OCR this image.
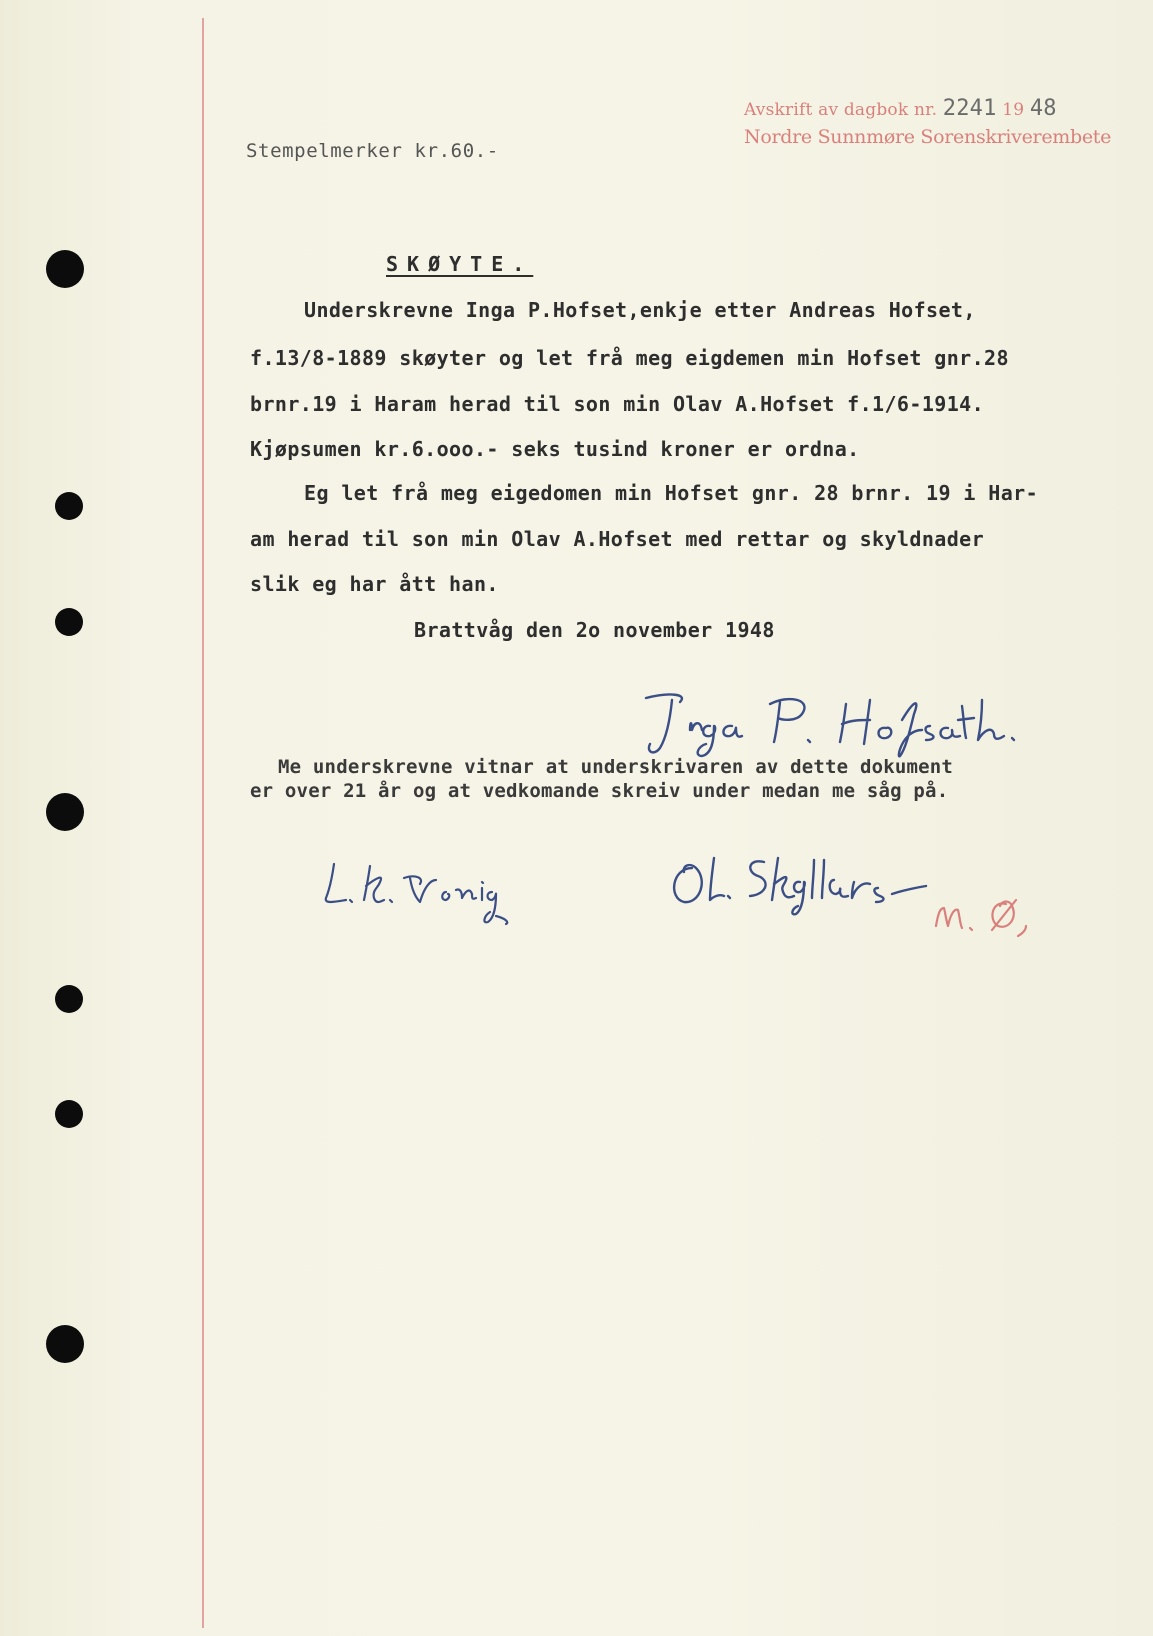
Avskrift av dagbok nr. 2241 19 48
Nordre Sunnmøre Sorenskriverembete
Stempelmerker kr.60.-
SKØYTE.
Underskrevne Inga P.Hofset,enkje etter Andreas Hofset,
f.13/8-1889 skøyter og let frå meg eigdemen min Hofset gnr.28
brnr.19 i Haram herad til son min Olav A.Hofset f.1/6-1914.
Kjøpsumen kr.6.ooo.- seks tusind kroner er ordna.
Eg let frå meg eigedomen min Hofset gnr. 28 brnr. 19 i Har-
am herad til son min Olav A.Hofset med rettar og skyldnader
slik eg har ått han.
Brattvåg den 2o november 1948
Me underskrevne vitnar at underskrivaren av dette dokument
er over 21 år og at vedkomande skreiv under medan me såg på.
